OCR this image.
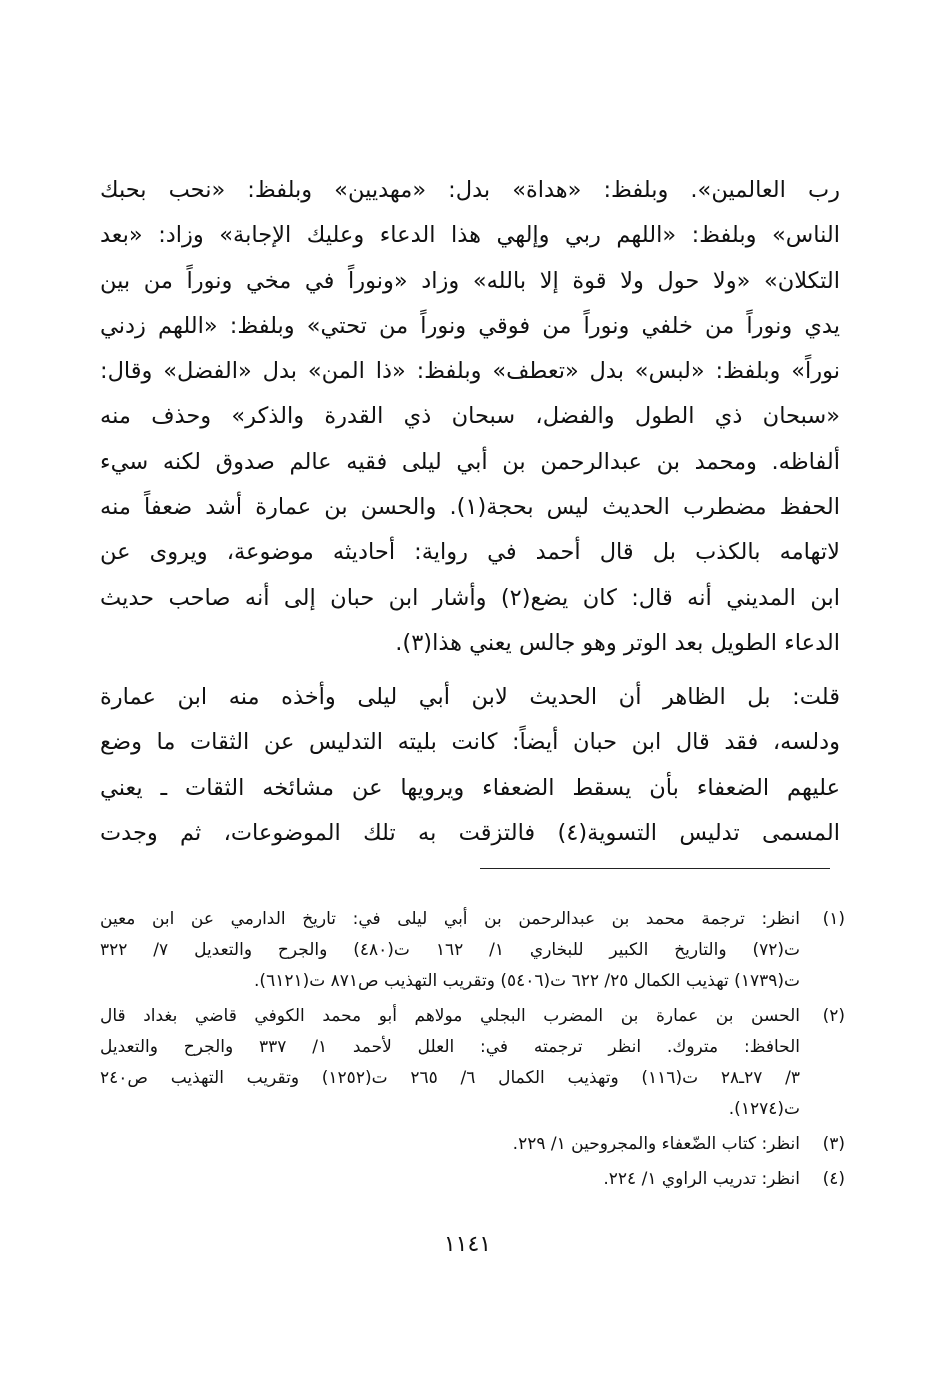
رب العالمين». وبلفظ: «هداة» بدل: «مهديين» وبلفظ: «نحب بحبك
الناس» وبلفظ: «اللهم ربي وإلهي هذا الدعاء وعليك الإجابة» وزاد: «بعد
التكلان» «ولا حول ولا قوة إلا بالله» وزاد «ونوراً في مخي ونوراً من بين
يدي ونوراً من خلفي ونوراً من فوقي ونوراً من تحتي» وبلفظ: «اللهم زدني
نوراً» وبلفظ: «لبس» بدل «تعطف» وبلفظ: «ذا المن» بدل «الفضل» وقال:
«سبحان ذي الطول والفضل، سبحان ذي القدرة والذكر» وحذف منه
ألفاظه. ومحمد بن عبدالرحمن بن أبي ليلى فقيه عالم صدوق لكنه سيء
الحفظ مضطرب الحديث ليس بحجة(١). والحسن بن عمارة أشد ضعفاً منه
لاتهامه بالكذب بل قال أحمد في رواية: أحاديثه موضوعة، ويروى عن
ابن المديني أنه قال: كان يضع(٢) وأشار ابن حبان إلى أنه صاحب حديث
الدعاء الطويل بعد الوتر وهو جالس يعني هذا(٣).
قلت: بل الظاهر أن الحديث لابن أبي ليلى وأخذه منه ابن عمارة
ودلسه، فقد قال ابن حبان أيضاً: كانت بليته التدليس عن الثقات ما وضع
عليهم الضعفاء بأن يسقط الضعفاء ويرويها عن مشائخه الثقات ـ يعني
المسمى تدليس التسوية(٤) فالتزقت به تلك الموضوعات، ثم وجدت
(١)
انظر: ترجمة محمد بن عبدالرحمن بن أبي ليلى في: تاريخ الدارمي عن ابن معين
ت(٧٢) والتاريخ الكبير للبخاري ١/ ١٦٢ ت(٤٨٠) والجرح والتعديل ٧/ ٣٢٢
ت(١٧٣٩) تهذيب الكمال ٢٥/ ٦٢٢ ت(٥٤٠٦) وتقريب التهذيب ص٨٧١ ت(٦١٢١).
(٢)
الحسن بن عمارة بن المضرب البجلي مولاهم أبو محمد الكوفي قاضي بغداد قال
الحافظ: متروك. انظر ترجمته في: العلل لأحمد ١/ ٣٣٧ والجرح والتعديل
٣/ ٢٧ـ٢٨ ت(١١٦) وتهذيب الكمال ٦/ ٢٦٥ ت(١٢٥٢) وتقريب التهذيب ص٢٤٠
ت(١٢٧٤).
(٣)
انظر: كتاب الضّعفاء والمجروحين ١/ ٢٢٩.
(٤)
انظر: تدريب الراوي ١/ ٢٢٤.
١١٤١
